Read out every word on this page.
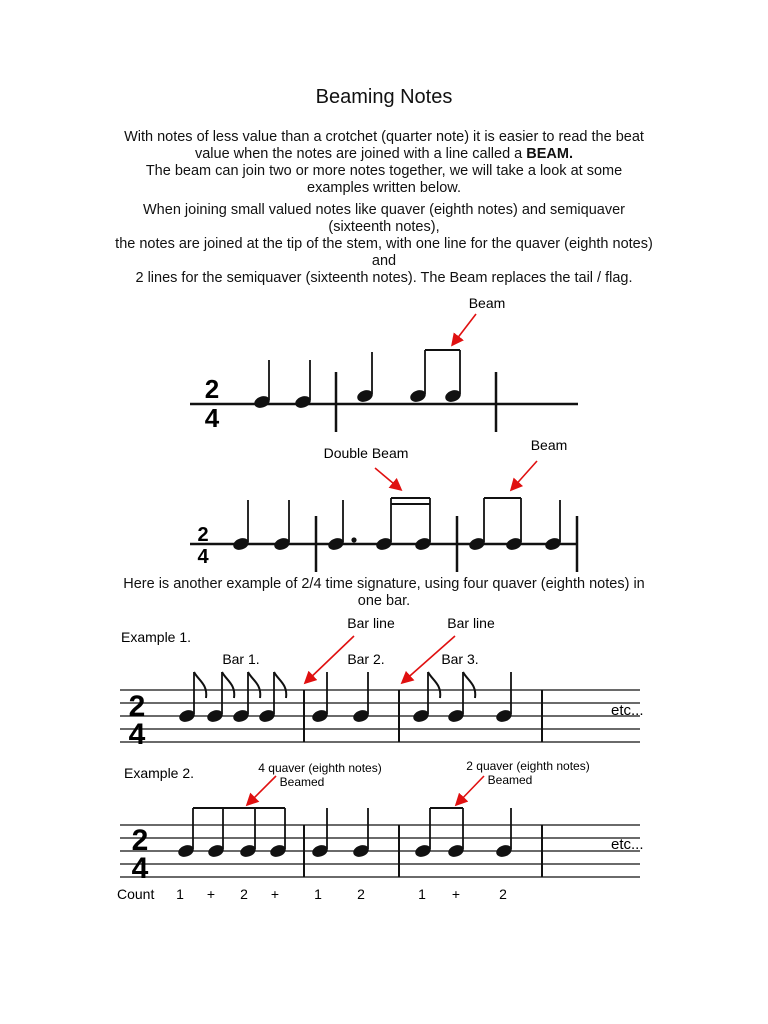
Beaming Notes
With notes of less value than a crotchet (quarter note) it is easier to read the beat
value when the notes are joined with a line called a BEAM.
The beam can join two or more notes together, we will take a look at some
examples written below.
When joining small valued notes like quaver (eighth notes) and semiquaver
(sixteenth notes),
the notes are joined at the tip of the stem, with one line for the quaver (eighth notes)
and
2 lines for the semiquaver (sixteenth notes). The Beam replaces the tail / flag.
Here is another example of 2/4 time signature, using four quaver (eighth notes) in
one bar.
Beam
2
4
Double Beam	Beam
2
4
Example 1.
Bar line	Bar line
Bar 1.	Bar 2.	Bar 3.
2
4
etc...
Example 2.	4 quaver (eighth notes)
Beamed
2 quaver (eighth notes)
Beamed
2
4
etc...
Count 1 + 2 +	1	2	1 +	2
